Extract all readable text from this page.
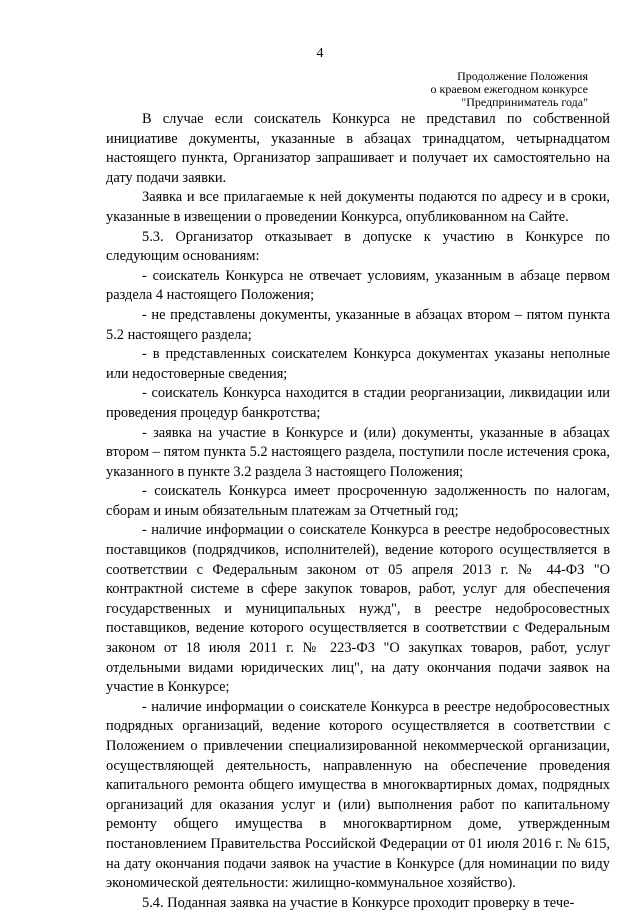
4
Продолжение Положения
о краевом ежегодном конкурсе
"Предприниматель года"

В случае если соискатель Конкурса не представил по собственной инициативе документы, указанные в абзацах тринадцатом, четырнадцатом настоящего пункта, Организатор запрашивает и получает их самостоятельно на дату подачи заявки.

Заявка и все прилагаемые к ней документы подаются по адресу и в сроки, указанные в извещении о проведении Конкурса, опубликованном на Сайте.

5.3. Организатор отказывает в допуске к участию в Конкурсе по следующим основаниям:

- соискатель Конкурса не отвечает условиям, указанным в абзаце первом раздела 4 настоящего Положения;

- не представлены документы, указанные в абзацах втором – пятом пункта 5.2 настоящего раздела;

- в представленных соискателем Конкурса документах указаны неполные или недостоверные сведения;

- соискатель Конкурса находится в стадии реорганизации, ликвидации или проведения процедур банкротства;

- заявка на участие в Конкурсе и (или) документы, указанные в абзацах втором – пятом пункта 5.2 настоящего раздела, поступили после истечения срока, указанного в пункте 3.2 раздела 3 настоящего Положения;

- соискатель Конкурса имеет просроченную задолженность по налогам, сборам и иным обязательным платежам за Отчетный год;

- наличие информации о соискателе Конкурса в реестре недобросовестных поставщиков (подрядчиков, исполнителей), ведение которого осуществляется в соответствии с Федеральным законом от 05 апреля 2013 г. № 44-ФЗ "О контрактной системе в сфере закупок товаров, работ, услуг для обеспечения государственных и муниципальных нужд", в реестре недобросовестных поставщиков, ведение которого осуществляется в соответствии с Федеральным законом от 18 июля 2011 г. № 223-ФЗ "О закупках товаров, работ, услуг отдельными видами юридических лиц", на дату окончания подачи заявок на участие в Конкурсе;

- наличие информации о соискателе Конкурса в реестре недобросовестных подрядных организаций, ведение которого осуществляется в соответствии с Положением о привлечении специализированной некоммерческой организации, осуществляющей деятельность, направленную на обеспечение проведения капитального ремонта общего имущества в многоквартирных домах, подрядных организаций для оказания услуг и (или) выполнения работ по капитальному ремонту общего имущества в многоквартирном доме, утвержденным постановлением Правительства Российской Федерации от 01 июля 2016 г. № 615, на дату окончания подачи заявок на участие в Конкурсе (для номинации по виду экономической деятельности: жилищно-коммунальное хозяйство).

5.4. Поданная заявка на участие в Конкурсе проходит проверку в тече-
